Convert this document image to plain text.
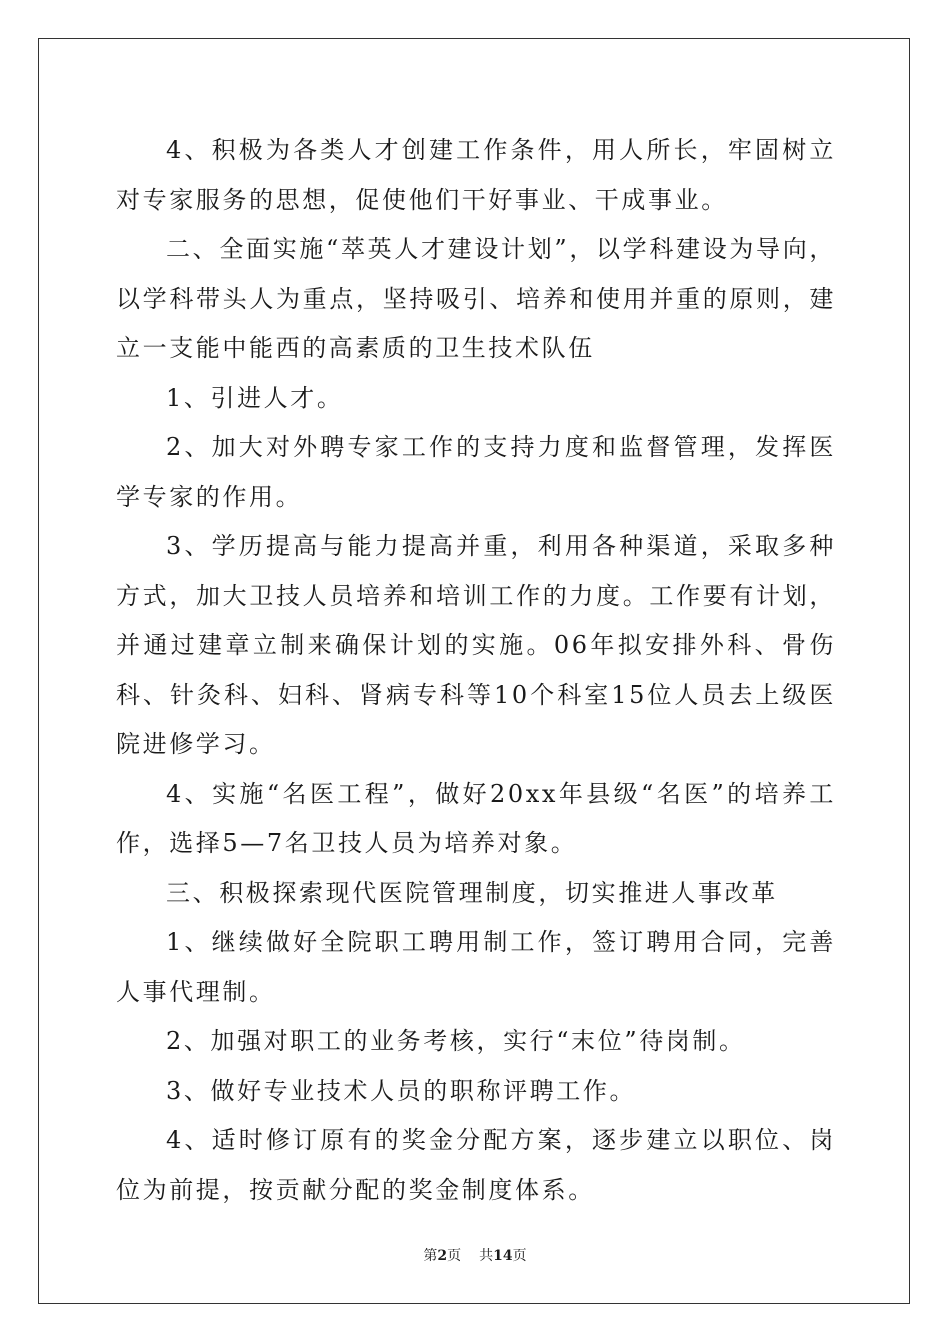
4、积极为各类人才创建工作条件，用人所长，牢固树立对专家服务的思想，促使他们干好事业、干成事业。

二、全面实施“萃英人才建设计划”，以学科建设为导向，以学科带头人为重点，坚持吸引、培养和使用并重的原则，建立一支能中能西的高素质的卫生技术队伍

1、引进人才。

2、加大对外聘专家工作的支持力度和监督管理，发挥医学专家的作用。

3、学历提高与能力提高并重，利用各种渠道，采取多种方式，加大卫技人员培养和培训工作的力度。工作要有计划，并通过建章立制来确保计划的实施。06年拟安排外科、骨伤科、针灸科、妇科、肾病专科等10个科室15位人员去上级医院进修学习。

4、实施“名医工程”，做好20xx年县级“名医”的培养工作，选择5—7名卫技人员为培养对象。

三、积极探索现代医院管理制度，切实推进人事改革

1、继续做好全院职工聘用制工作，签订聘用合同，完善人事代理制。

2、加强对职工的业务考核，实行“末位”待岗制。

3、做好专业技术人员的职称评聘工作。

4、适时修订原有的奖金分配方案，逐步建立以职位、岗位为前提，按贡献分配的奖金制度体系。

第2页 共14页
